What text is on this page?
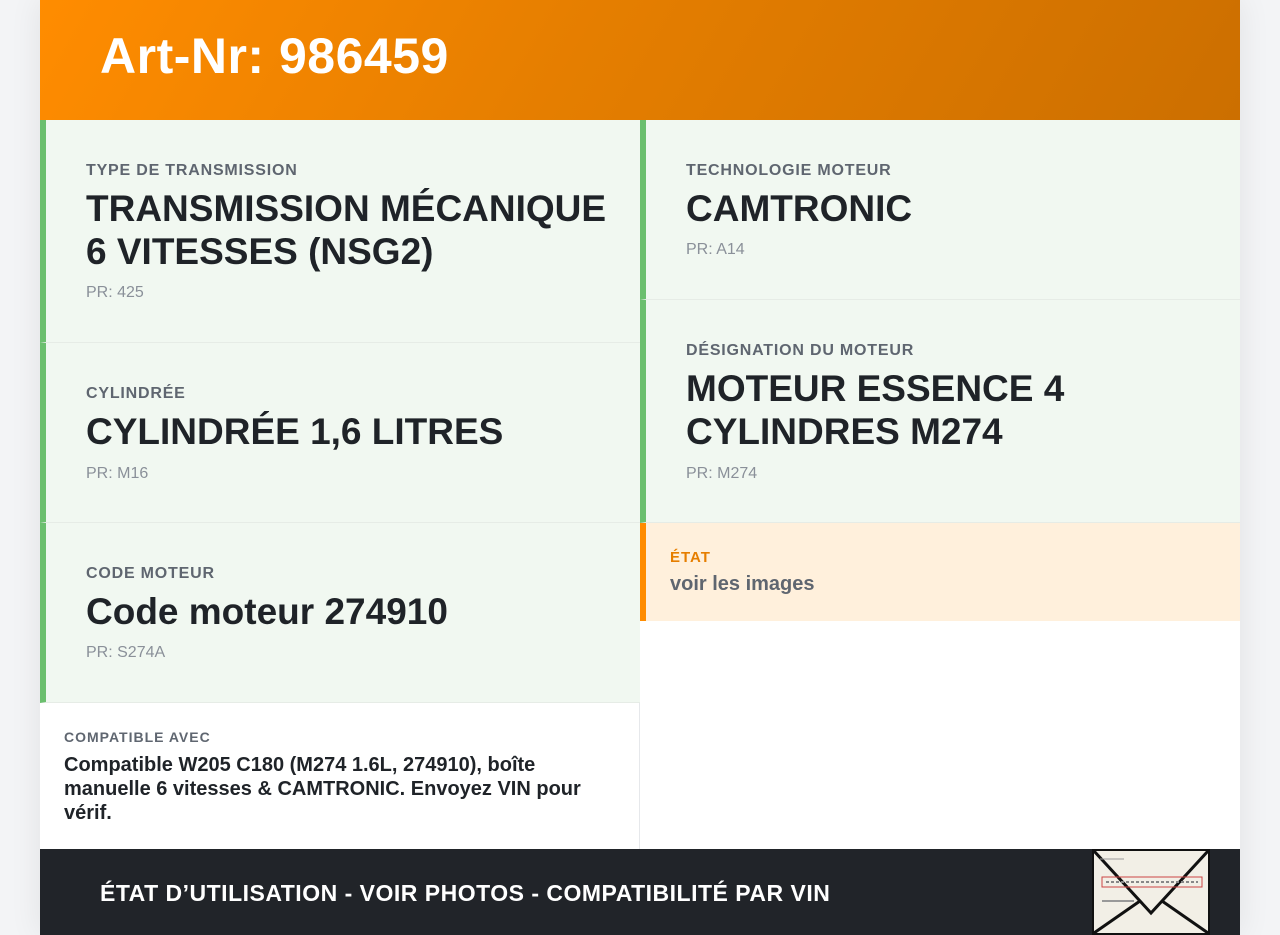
Art-Nr: 986459
TYPE DE TRANSMISSION
TRANSMISSION MÉCANIQUE 6 VITESSES (NSG2)
PR: 425
TECHNOLOGIE MOTEUR
CAMTRONIC
PR: A14
CYLINDRÉE
CYLINDRÉE 1,6 LITRES
PR: M16
DÉSIGNATION DU MOTEUR
MOTEUR ESSENCE 4 CYLINDRES M274
PR: M274
CODE MOTEUR
Code moteur 274910
PR: S274A
ÉTAT
voir les images
COMPATIBLE AVEC
Compatible W205 C180 (M274 1.6L, 274910), boîte manuelle 6 vitesses & CAMTRONIC. Envoyez VIN pour vérif.
ÉTAT D’UTILISATION - VOIR PHOTOS - COMPATIBILITÉ PAR VIN
